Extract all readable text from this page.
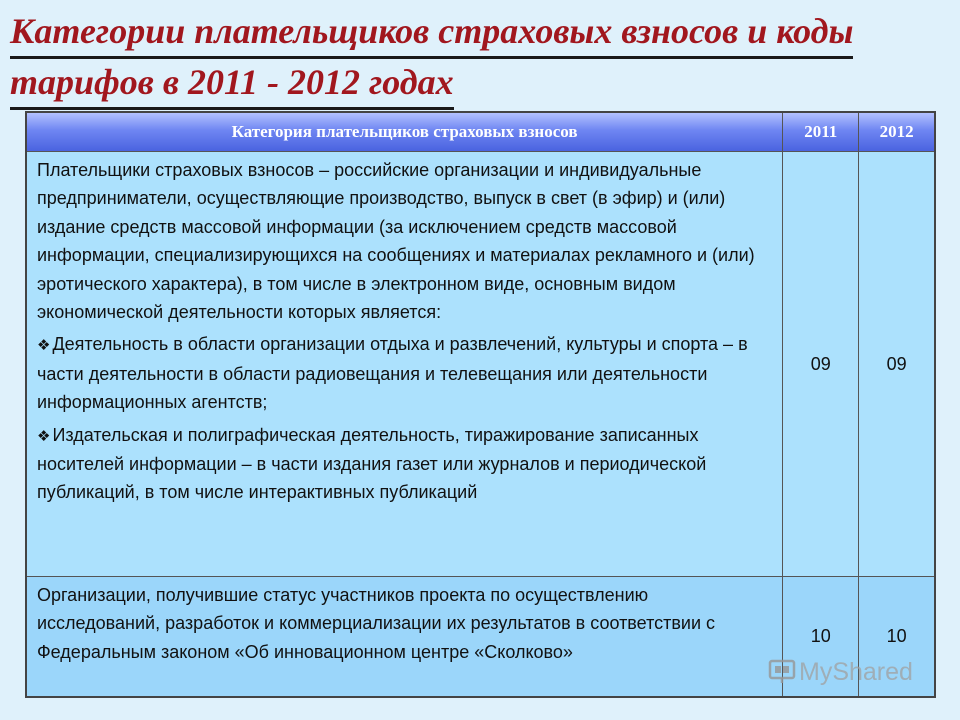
Категории плательщиков страховых взносов и коды
тарифов в 2011 - 2012 годах
Категория плательщиков страховых взносов	2011	2012

Плательщики страховых взносов – российские организации и индивидуальные предприниматели, осуществляющие производство, выпуск в свет (в эфир) и (или) издание средств массовой информации (за исключением средств массовой информации, специализирующихся на сообщениях и материалах рекламного и (или) эротического характера), в том числе в электронном виде, основным видом экономической деятельности которых является:

❖ Деятельность в области организации отдыха и развлечений, культуры и спорта – в части деятельности в области радиовещания и телевещания или деятельности информационных агентств;

❖ Издательская и полиграфическая деятельность, тиражирование записанных носителей информации – в части издания газет или журналов и периодической публикаций, в том числе интерактивных публикаций	09	09
Организации, получившие статус участников проекта по осуществлению исследований, разработок и коммерциализации их результатов в соответствии с Федеральным законом «Об инновационном центре «Сколково»	10	10
MyShared
